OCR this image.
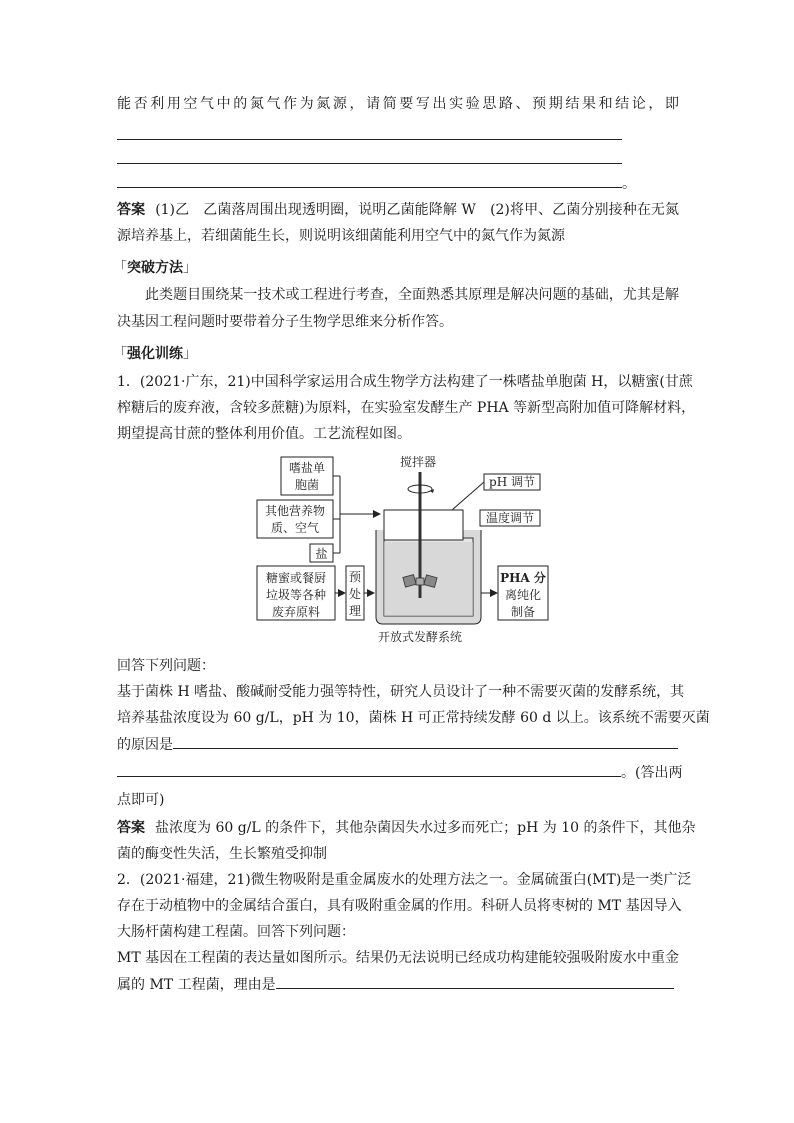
能否利用空气中的氮气作为氮源，请简要写出实验思路、预期结果和结论，即
。
答案 (1)乙　乙菌落周围出现透明圈，说明乙菌能降解 W　(2)将甲、乙菌分别接种在无氮
源培养基上，若细菌能生长，则说明该细菌能利用空气中的氮气作为氮源
「突破方法」
此类题目围绕某一技术或工程进行考查，全面熟悉其原理是解决问题的基础，尤其是解
决基因工程问题时要带着分子生物学思维来分析作答。
「强化训练」
1．(2021·广东，21)中国科学家运用合成生物学方法构建了一株嗜盐单胞菌 H，以糖蜜(甘蔗
榨糖后的废弃液，含较多蔗糖)为原料，在实验室发酵生产 PHA 等新型高附加值可降解材料，
期望提高甘蔗的整体利用价值。工艺流程如图。
嗜盐单
胞菌
其他营养物
质、空气
盐
糖蜜或餐厨
垃圾等各种
废弃原料
预
处
理
搅拌器
pH 调节
温度调节
PHA 分
离纯化
制备
开放式发酵系统
回答下列问题：
基于菌株 H 嗜盐、酸碱耐受能力强等特性，研究人员设计了一种不需要灭菌的发酵系统，其
培养基盐浓度设为 60 g/L，pH 为 10，菌株 H 可正常持续发酵 60 d 以上。该系统不需要灭菌
的原因是
。(答出两
点即可)
答案 盐浓度为 60 g/L 的条件下，其他杂菌因失水过多而死亡；pH 为 10 的条件下，其他杂
菌的酶变性失活，生长繁殖受抑制
2．(2021·福建，21)微生物吸附是重金属废水的处理方法之一。金属硫蛋白(MT)是一类广泛
存在于动植物中的金属结合蛋白，具有吸附重金属的作用。科研人员将枣树的 MT 基因导入
大肠杆菌构建工程菌。回答下列问题：
MT 基因在工程菌的表达量如图所示。结果仍无法说明已经成功构建能较强吸附废水中重金
属的 MT 工程菌，理由是
